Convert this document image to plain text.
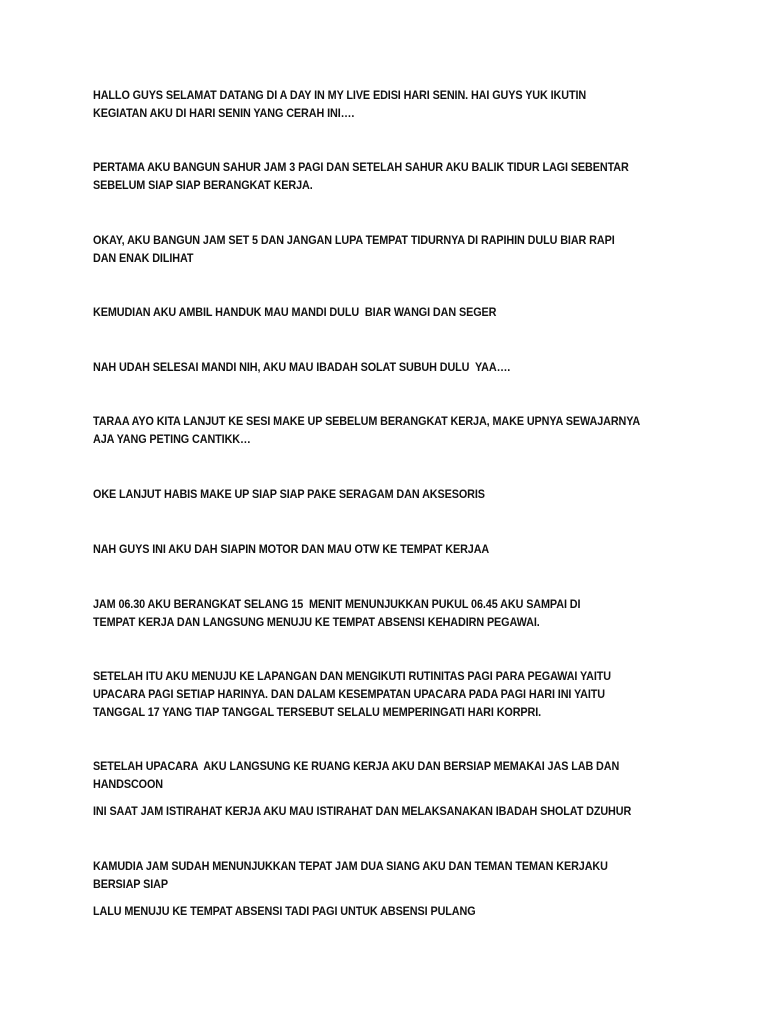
HALLO GUYS SELAMAT DATANG DI A DAY IN MY LIVE EDISI HARI SENIN. HAI GUYS YUK IKUTIN
KEGIATAN AKU DI HARI SENIN YANG CERAH INI….

PERTAMA AKU BANGUN SAHUR JAM 3 PAGI DAN SETELAH SAHUR AKU BALIK TIDUR LAGI SEBENTAR
SEBELUM SIAP SIAP BERANGKAT KERJA.

OKAY, AKU BANGUN JAM SET 5 DAN JANGAN LUPA TEMPAT TIDURNYA DI RAPIHIN DULU BIAR RAPI
DAN ENAK DILIHAT

KEMUDIAN AKU AMBIL HANDUK MAU MANDI DULU  BIAR WANGI DAN SEGER

NAH UDAH SELESAI MANDI NIH, AKU MAU IBADAH SOLAT SUBUH DULU  YAA….

TARAA AYO KITA LANJUT KE SESI MAKE UP SEBELUM BERANGKAT KERJA, MAKE UPNYA SEWAJARNYA
AJA YANG PETING CANTIKK…

OKE LANJUT HABIS MAKE UP SIAP SIAP PAKE SERAGAM DAN AKSESORIS

NAH GUYS INI AKU DAH SIAPIN MOTOR DAN MAU OTW KE TEMPAT KERJAA

JAM 06.30 AKU BERANGKAT SELANG 15  MENIT MENUNJUKKAN PUKUL 06.45 AKU SAMPAI DI
TEMPAT KERJA DAN LANGSUNG MENUJU KE TEMPAT ABSENSI KEHADIRN PEGAWAI.

SETELAH ITU AKU MENUJU KE LAPANGAN DAN MENGIKUTI RUTINITAS PAGI PARA PEGAWAI YAITU
UPACARA PAGI SETIAP HARINYA. DAN DALAM KESEMPATAN UPACARA PADA PAGI HARI INI YAITU
TANGGAL 17 YANG TIAP TANGGAL TERSEBUT SELALU MEMPERINGATI HARI KORPRI.

SETELAH UPACARA  AKU LANGSUNG KE RUANG KERJA AKU DAN BERSIAP MEMAKAI JAS LAB DAN
HANDSCOON

INI SAAT JAM ISTIRAHAT KERJA AKU MAU ISTIRAHAT DAN MELAKSANAKAN IBADAH SHOLAT DZUHUR

KAMUDIA JAM SUDAH MENUNJUKKAN TEPAT JAM DUA SIANG AKU DAN TEMAN TEMAN KERJAKU
BERSIAP SIAP

LALU MENUJU KE TEMPAT ABSENSI TADI PAGI UNTUK ABSENSI PULANG
